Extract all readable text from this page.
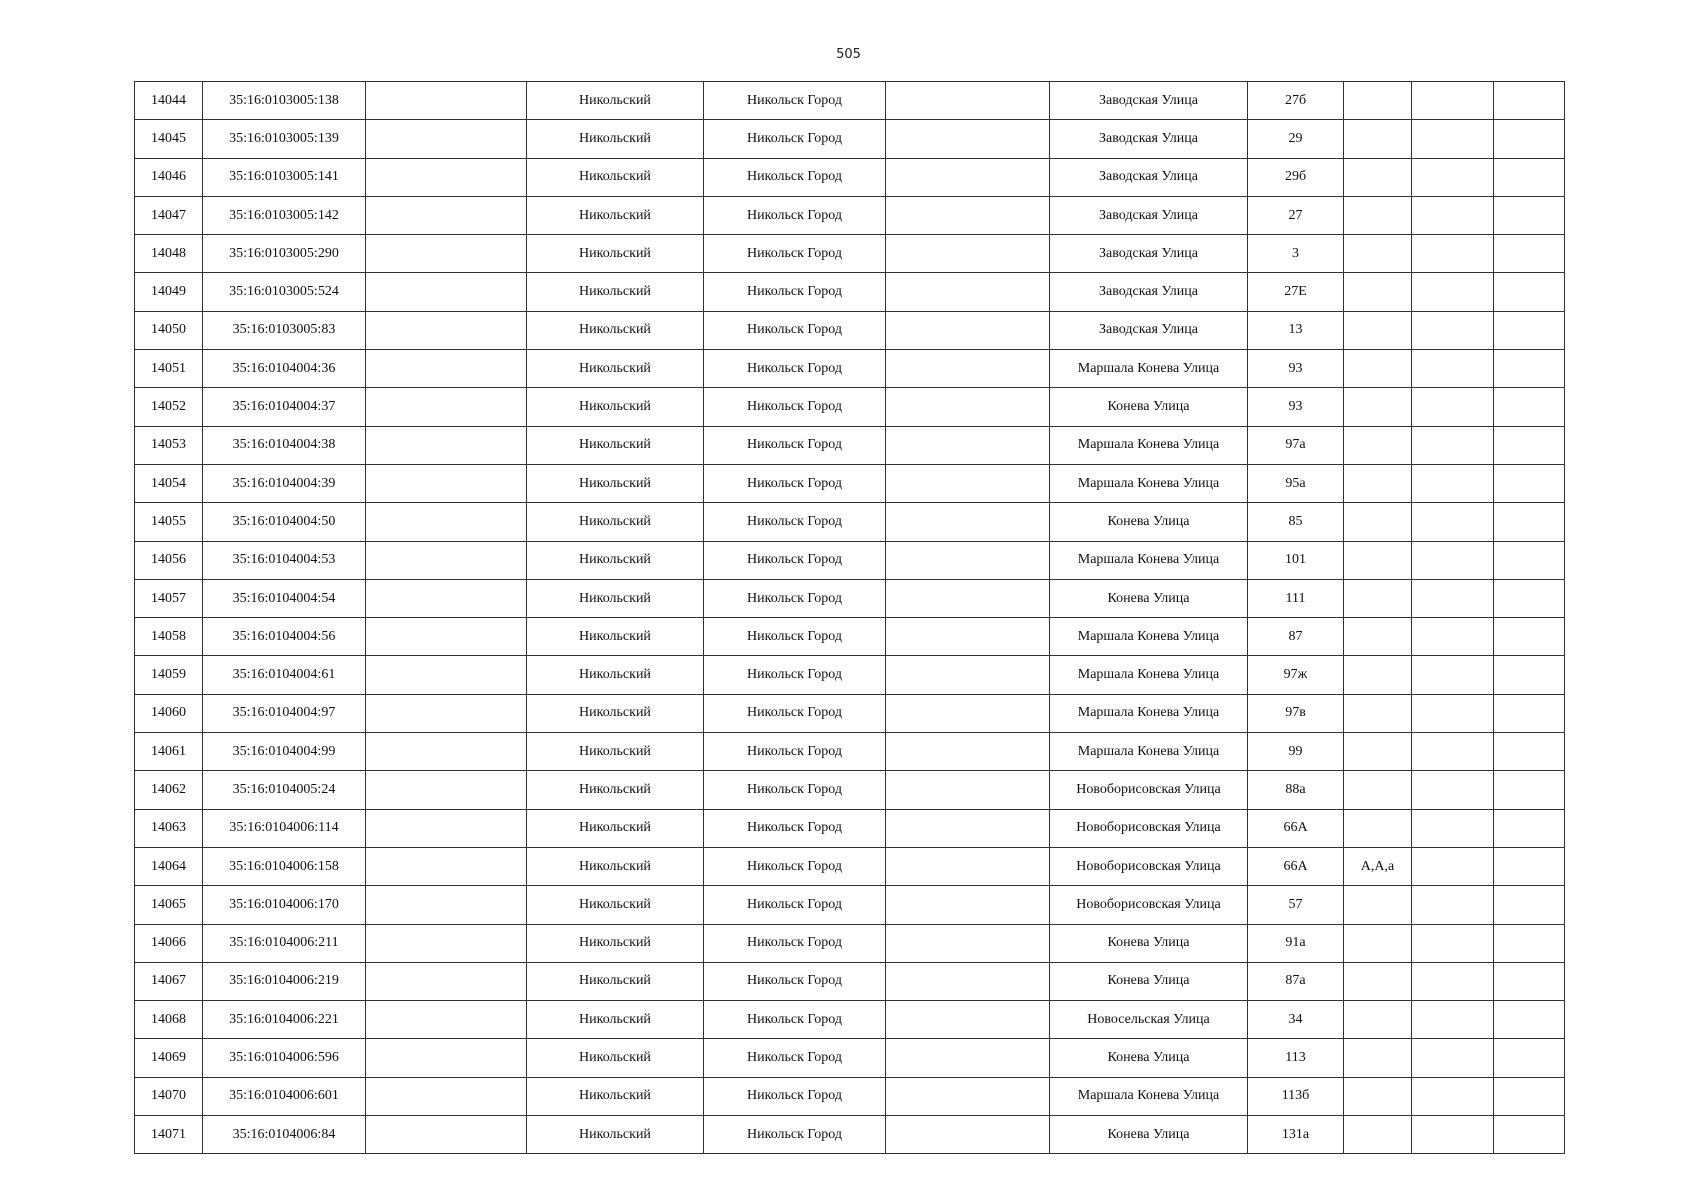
505
14044	35:16:0103005:138		Никольский	Никольск Город		Заводская Улица	27б			
14045	35:16:0103005:139		Никольский	Никольск Город		Заводская Улица	29			
14046	35:16:0103005:141		Никольский	Никольск Город		Заводская Улица	29б			
14047	35:16:0103005:142		Никольский	Никольск Город		Заводская Улица	27			
14048	35:16:0103005:290		Никольский	Никольск Город		Заводская Улица	3			
14049	35:16:0103005:524		Никольский	Никольск Город		Заводская Улица	27Е			
14050	35:16:0103005:83		Никольский	Никольск Город		Заводская Улица	13			
14051	35:16:0104004:36		Никольский	Никольск Город		Маршала Конева Улица	93			
14052	35:16:0104004:37		Никольский	Никольск Город		Конева Улица	93			
14053	35:16:0104004:38		Никольский	Никольск Город		Маршала Конева Улица	97а			
14054	35:16:0104004:39		Никольский	Никольск Город		Маршала Конева Улица	95а			
14055	35:16:0104004:50		Никольский	Никольск Город		Конева Улица	85			
14056	35:16:0104004:53		Никольский	Никольск Город		Маршала Конева Улица	101			
14057	35:16:0104004:54		Никольский	Никольск Город		Конева Улица	111			
14058	35:16:0104004:56		Никольский	Никольск Город		Маршала Конева Улица	87			
14059	35:16:0104004:61		Никольский	Никольск Город		Маршала Конева Улица	97ж			
14060	35:16:0104004:97		Никольский	Никольск Город		Маршала Конева Улица	97в			
14061	35:16:0104004:99		Никольский	Никольск Город		Маршала Конева Улица	99			
14062	35:16:0104005:24		Никольский	Никольск Город		Новоборисовская Улица	88а			
14063	35:16:0104006:114		Никольский	Никольск Город		Новоборисовская Улица	66А			
14064	35:16:0104006:158		Никольский	Никольск Город		Новоборисовская Улица	66А	А,А,а		
14065	35:16:0104006:170		Никольский	Никольск Город		Новоборисовская Улица	57			
14066	35:16:0104006:211		Никольский	Никольск Город		Конева Улица	91а			
14067	35:16:0104006:219		Никольский	Никольск Город		Конева Улица	87а			
14068	35:16:0104006:221		Никольский	Никольск Город		Новосельская Улица	34			
14069	35:16:0104006:596		Никольский	Никольск Город		Конева Улица	113			
14070	35:16:0104006:601		Никольский	Никольск Город		Маршала Конева Улица	113б			
14071	35:16:0104006:84		Никольский	Никольск Город		Конева Улица	131а			
